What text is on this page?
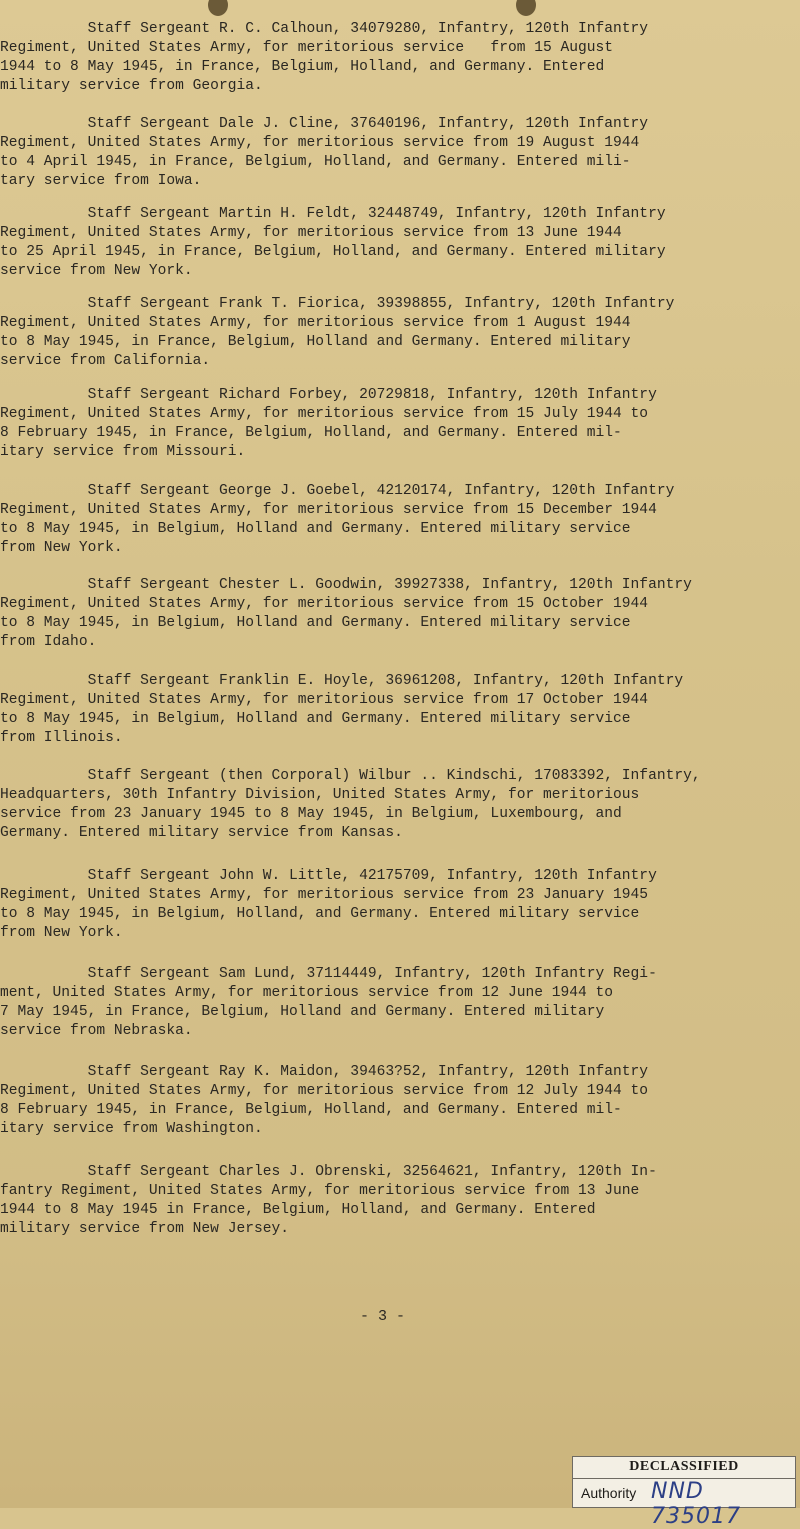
Staff Sergeant R. C. Calhoun, 34079280, Infantry, 120th Infantry
Regiment, United States Army, for meritorious service   from 15 August
1944 to 8 May 1945, in France, Belgium, Holland, and Germany. Entered
military service from Georgia.
Staff Sergeant Dale J. Cline, 37640196, Infantry, 120th Infantry
Regiment, United States Army, for meritorious service from 19 August 1944
to 4 April 1945, in France, Belgium, Holland, and Germany. Entered mili-
tary service from Iowa.
Staff Sergeant Martin H. Feldt, 32448749, Infantry, 120th Infantry
Regiment, United States Army, for meritorious service from 13 June 1944
to 25 April 1945, in France, Belgium, Holland, and Germany. Entered military
service from New York.
Staff Sergeant Frank T. Fiorica, 39398855, Infantry, 120th Infantry
Regiment, United States Army, for meritorious service from 1 August 1944
to 8 May 1945, in France, Belgium, Holland and Germany. Entered military
service from California.
Staff Sergeant Richard Forbey, 20729818, Infantry, 120th Infantry
Regiment, United States Army, for meritorious service from 15 July 1944 to
8 February 1945, in France, Belgium, Holland, and Germany. Entered mil-
itary service from Missouri.
Staff Sergeant George J. Goebel, 42120174, Infantry, 120th Infantry
Regiment, United States Army, for meritorious service from 15 December 1944
to 8 May 1945, in Belgium, Holland and Germany. Entered military service
from New York.
Staff Sergeant Chester L. Goodwin, 39927338, Infantry, 120th Infantry
Regiment, United States Army, for meritorious service from 15 October 1944
to 8 May 1945, in Belgium, Holland and Germany. Entered military service
from Idaho.
Staff Sergeant Franklin E. Hoyle, 36961208, Infantry, 120th Infantry
Regiment, United States Army, for meritorious service from 17 October 1944
to 8 May 1945, in Belgium, Holland and Germany. Entered military service
from Illinois.
Staff Sergeant (then Corporal) Wilbur .. Kindschi, 17083392, Infantry,
Headquarters, 30th Infantry Division, United States Army, for meritorious
service from 23 January 1945 to 8 May 1945, in Belgium, Luxembourg, and
Germany. Entered military service from Kansas.
Staff Sergeant John W. Little, 42175709, Infantry, 120th Infantry
Regiment, United States Army, for meritorious service from 23 January 1945
to 8 May 1945, in Belgium, Holland, and Germany. Entered military service
from New York.
Staff Sergeant Sam Lund, 37114449, Infantry, 120th Infantry Regi-
ment, United States Army, for meritorious service from 12 June 1944 to
7 May 1945, in France, Belgium, Holland and Germany. Entered military
service from Nebraska.
Staff Sergeant Ray K. Maidon, 39463?52, Infantry, 120th Infantry
Regiment, United States Army, for meritorious service from 12 July 1944 to
8 February 1945, in France, Belgium, Holland, and Germany. Entered mil-
itary service from Washington.
Staff Sergeant Charles J. Obrenski, 32564621, Infantry, 120th In-
fantry Regiment, United States Army, for meritorious service from 13 June
1944 to 8 May 1945 in France, Belgium, Holland, and Germany. Entered
military service from New Jersey.
- 3 -
DECLASSIFIED
Authority NND 735017
